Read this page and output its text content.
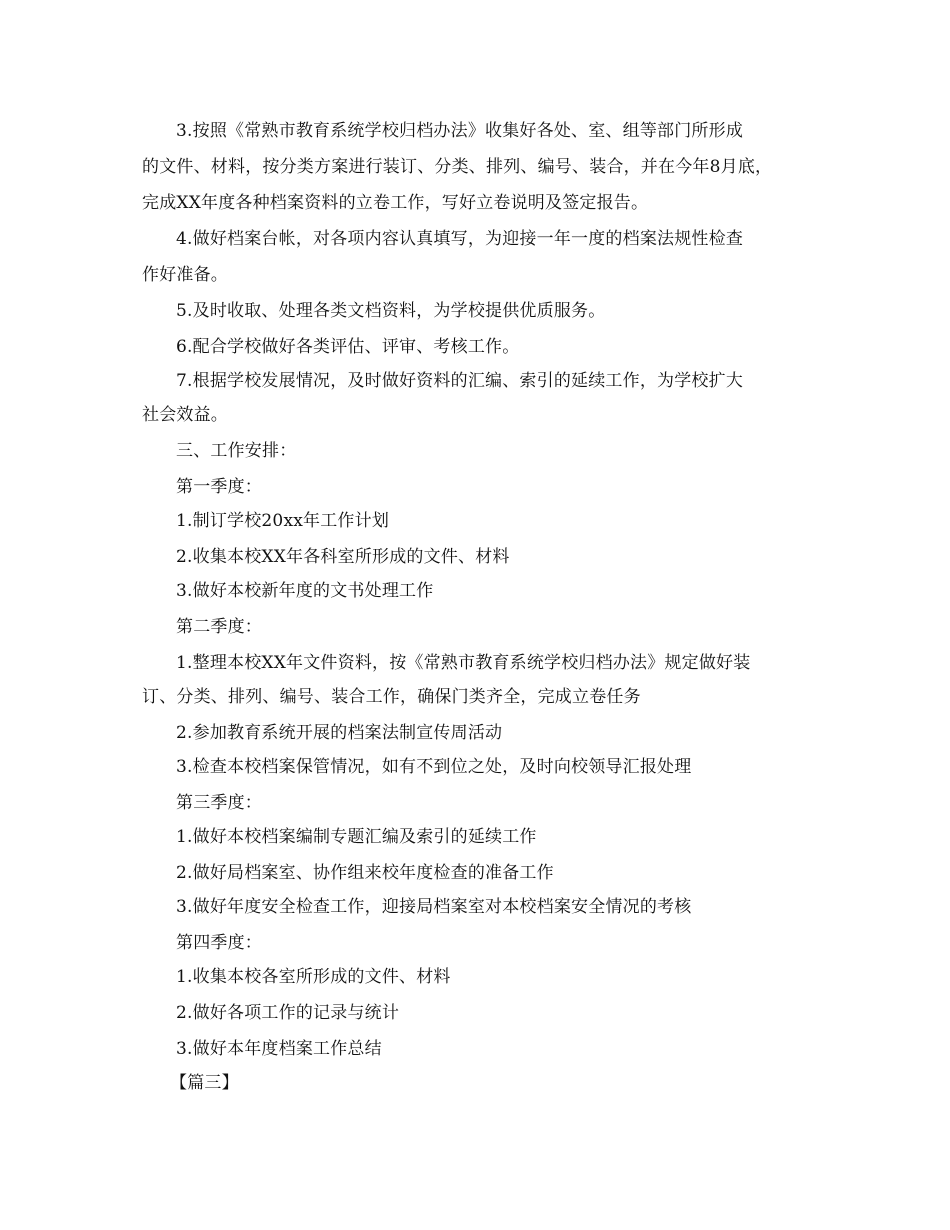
3.按照《常熟市教育系统学校归档办法》收集好各处、室、组等部门所形成
的文件、材料，按分类方案进行装订、分类、排列、编号、装合，并在今年8月底，
完成XX年度各种档案资料的立卷工作，写好立卷说明及签定报告。
4.做好档案台帐，对各项内容认真填写，为迎接一年一度的档案法规性检查
作好准备。
5.及时收取、处理各类文档资料，为学校提供优质服务。
6.配合学校做好各类评估、评审、考核工作。
7.根据学校发展情况，及时做好资料的汇编、索引的延续工作，为学校扩大
社会效益。
三、工作安排：
第一季度：
1.制订学校20xx年工作计划
2.收集本校XX年各科室所形成的文件、材料
3.做好本校新年度的文书处理工作
第二季度：
1.整理本校XX年文件资料，按《常熟市教育系统学校归档办法》规定做好装
订、分类、排列、编号、装合工作，确保门类齐全，完成立卷任务
2.参加教育系统开展的档案法制宣传周活动
3.检查本校档案保管情况，如有不到位之处，及时向校领导汇报处理
第三季度：
1.做好本校档案编制专题汇编及索引的延续工作
2.做好局档案室、协作组来校年度检查的准备工作
3.做好年度安全检查工作，迎接局档案室对本校档案安全情况的考核
第四季度：
1.收集本校各室所形成的文件、材料
2.做好各项工作的记录与统计
3.做好本年度档案工作总结
【篇三】
